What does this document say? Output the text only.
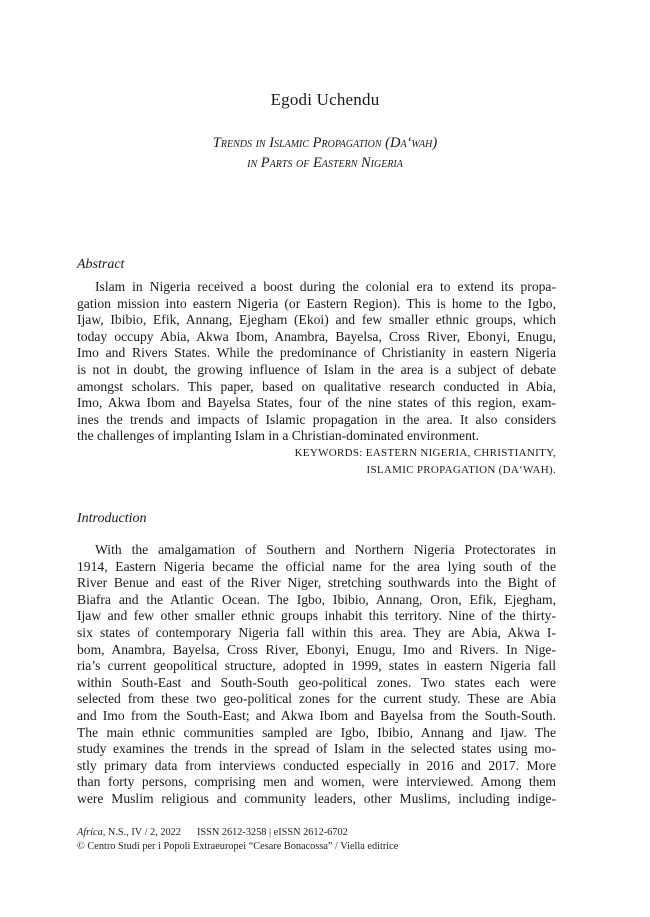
Egodi Uchendu
Trends in Islamic Propagation (Da‘wah)
in Parts of Eastern Nigeria
Abstract
Islam in Nigeria received a boost during the colonial era to extend its propa-
gation mission into eastern Nigeria (or Eastern Region). This is home to the Igbo,
Ijaw, Ibibio, Efik, Annang, Ejegham (Ekoi) and few smaller ethnic groups, which
today occupy Abia, Akwa Ibom, Anambra, Bayelsa, Cross River, Ebonyi, Enugu,
Imo and Rivers States. While the predominance of Christianity in eastern Nigeria
is not in doubt, the growing influence of Islam in the area is a subject of debate
amongst scholars. This paper, based on qualitative research conducted in Abia,
Imo, Akwa Ibom and Bayelsa States, four of the nine states of this region, exam-
ines the trends and impacts of Islamic propagation in the area. It also considers
the challenges of implanting Islam in a Christian-dominated environment.
KEYWORDS: EASTERN NIGERIA, CHRISTIANITY,
ISLAMIC PROPAGATION (DA‘WAH).
Introduction
With the amalgamation of Southern and Northern Nigeria Protectorates in
1914, Eastern Nigeria became the official name for the area lying south of the
River Benue and east of the River Niger, stretching southwards into the Bight of
Biafra and the Atlantic Ocean. The Igbo, Ibibio, Annang, Oron, Efik, Ejegham,
Ijaw and few other smaller ethnic groups inhabit this territory. Nine of the thirty-
six states of contemporary Nigeria fall within this area. They are Abia, Akwa I-
bom, Anambra, Bayelsa, Cross River, Ebonyi, Enugu, Imo and Rivers. In Nige-
ria’s current geopolitical structure, adopted in 1999, states in eastern Nigeria fall
within South-East and South-South geo-political zones. Two states each were
selected from these two geo-political zones for the current study. These are Abia
and Imo from the South-East; and Akwa Ibom and Bayelsa from the South-South.
The main ethnic communities sampled are Igbo, Ibibio, Annang and Ijaw. The
study examines the trends in the spread of Islam in the selected states using mo-
stly primary data from interviews conducted especially in 2016 and 2017. More
than forty persons, comprising men and women, were interviewed. Among them
were Muslim religious and community leaders, other Muslims, including indige-
Africa, N.S., IV / 2, 2022 ISSN 2612-3258 | eISSN 2612-6702
© Centro Studi per i Popoli Extraeuropei “Cesare Bonacossa” / Viella editrice
